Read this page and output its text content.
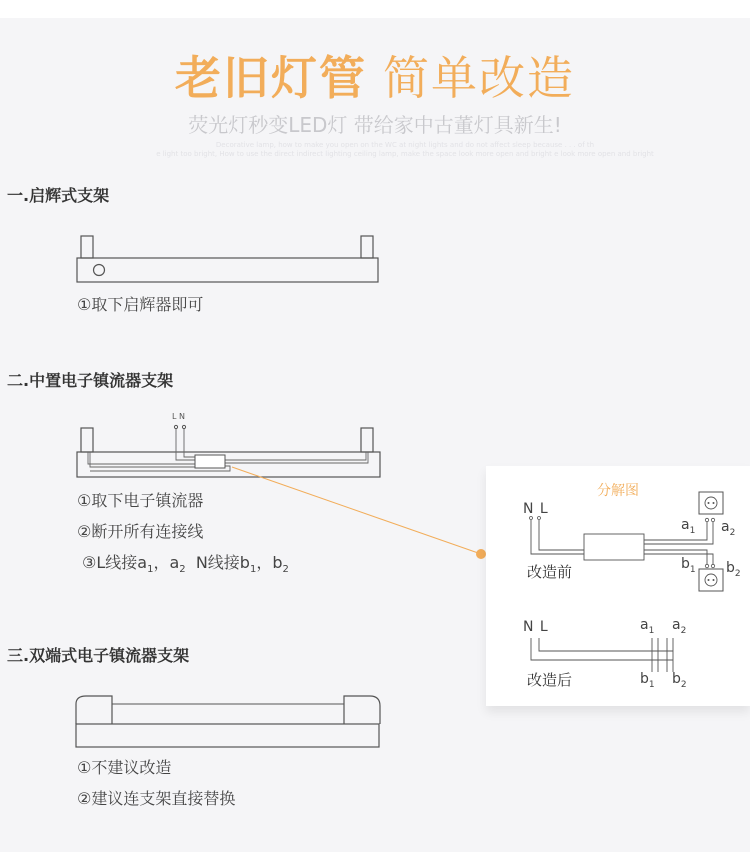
老旧灯管 简单改造
荧光灯秒变LED灯 带给家中古董灯具新生!
Decorative lamp, how to make you open on the WC at night lights and do not affect sleep because . . . of th
e light too bright, How to use the direct indirect lighting ceiling lamp, make the space look more open and bright e look more open and bright
一.启辉式支架
①取下启辉器即可
二.中置电子镇流器支架
L N
①取下电子镇流器
②断开所有连接线
③L线接$a_1$，$a_2$  N线接$b_1$，$b_2$
分解图
N L
改造前
$a_1$ $a_2$
$b_1$ $b_2$
N L
改造后
$a_1$ $a_2$
$b_1$ $b_2$
三.双端式电子镇流器支架
①不建议改造
②建议连支架直接替换
